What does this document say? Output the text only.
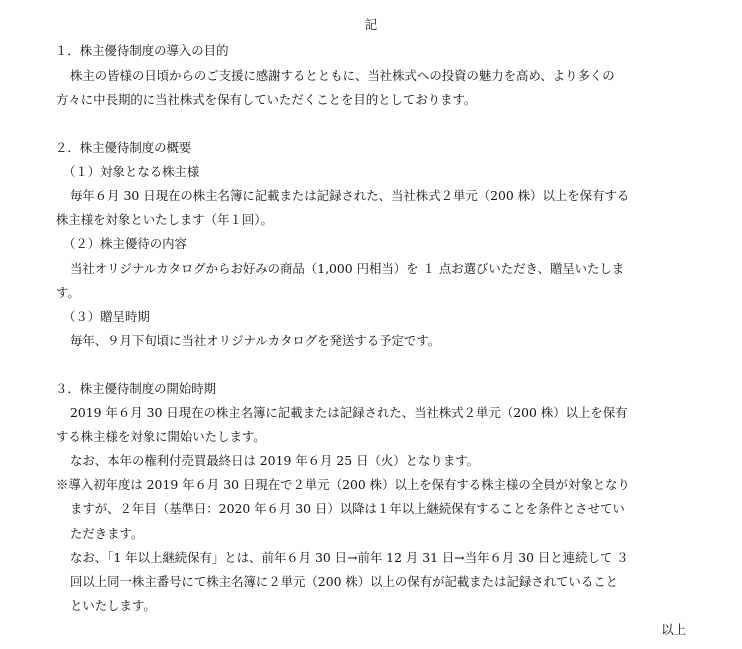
記
１．株主優待制度の導入の目的
株主の皆様の日頃からのご支援に感謝するとともに、当社株式への投資の魅力を高め、より多くの
方々に中長期的に当社株式を保有していただくことを目的としております。
２．株主優待制度の概要
（１）対象となる株主様
毎年６月 30 日現在の株主名簿に記載または記録された、当社株式２単元（200 株）以上を保有する
株主様を対象といたします（年１回）。
（２）株主優待の内容
当社オリジナルカタログからお好みの商品（1,000 円相当）を １ 点お選びいただき、贈呈いたしま
す。
（３）贈呈時期
毎年、９月下旬頃に当社オリジナルカタログを発送する予定です。
３．株主優待制度の開始時期
2019 年６月 30 日現在の株主名簿に記載または記録された、当社株式２単元（200 株）以上を保有
する株主様を対象に開始いたします。
なお、本年の権利付売買最終日は 2019 年６月 25 日（火）となります。
※導入初年度は 2019 年６月 30 日現在で２単元（200 株）以上を保有する株主様の全員が対象となり
ますが、２年目（基準日：2020 年６月 30 日）以降は１年以上継続保有することを条件とさせてい
ただきます。
なお、「1 年以上継続保有」とは、前年６月 30 日→前年 12 月 31 日→当年６月 30 日と連続して ３
回以上同一株主番号にて株主名簿に２単元（200 株）以上の保有が記載または記録されていること
といたします。
以上
